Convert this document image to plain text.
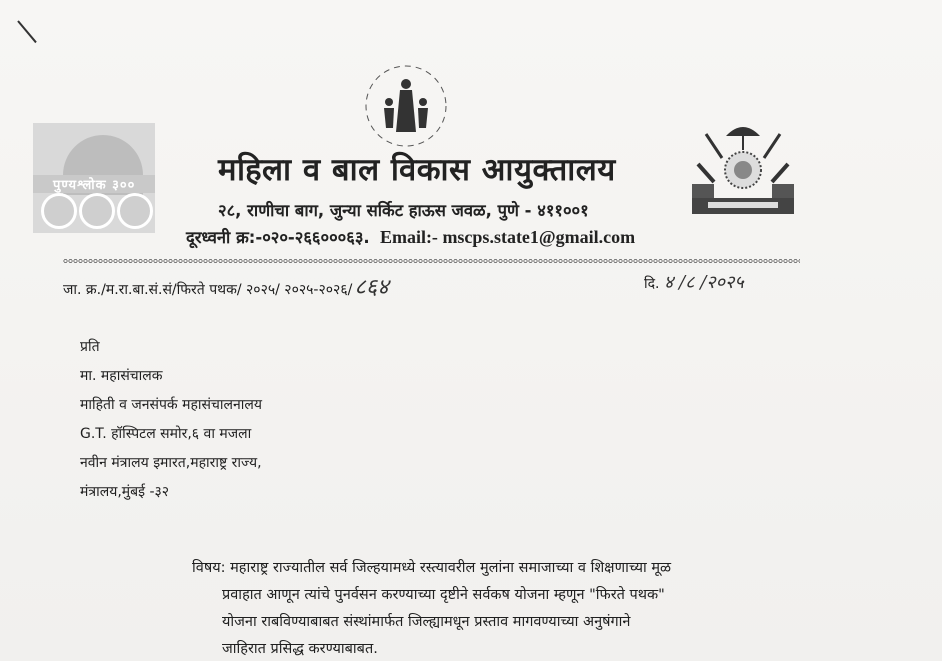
पुण्यश्लोक ३००	महिला व बाल विकास आयुक्तालय
२८, राणीचा बाग, जुन्या सर्किट हाऊस जवळ, पुणे - ४११००१
दूरध्वनी क्र:-०२०-२६६०००६३. Email:- mscps.state1@gmail.com
जा. क्र./म.रा.बा.सं.सं/फिरते पथक/ २०२५/ २०२५-२०२६/८६४	दि. ४ /८ /२०२५
प्रति
मा. महासंचालक
माहिती व जनसंपर्क महासंचालनालय
G.T. हॉस्पिटल समोर,६ वा मजला
नवीन मंत्रालय इमारत,महाराष्ट्र राज्य,
मंत्रालय,मुंबई -३२
विषय: महाराष्ट्र राज्यातील सर्व जिल्हयामध्ये रस्त्यावरील मुलांना समाजाच्या व शिक्षणाच्या मूळ
प्रवाहात आणून त्यांचे पुनर्वसन करण्याच्या दृष्टीने सर्वकष योजना म्हणून "फिरते पथक"
योजना राबविण्याबाबत संस्थांमार्फत जिल्ह्यामधून प्रस्ताव मागवण्याच्या अनुषंगाने
जाहिरात प्रसिद्ध करण्याबाबत.
